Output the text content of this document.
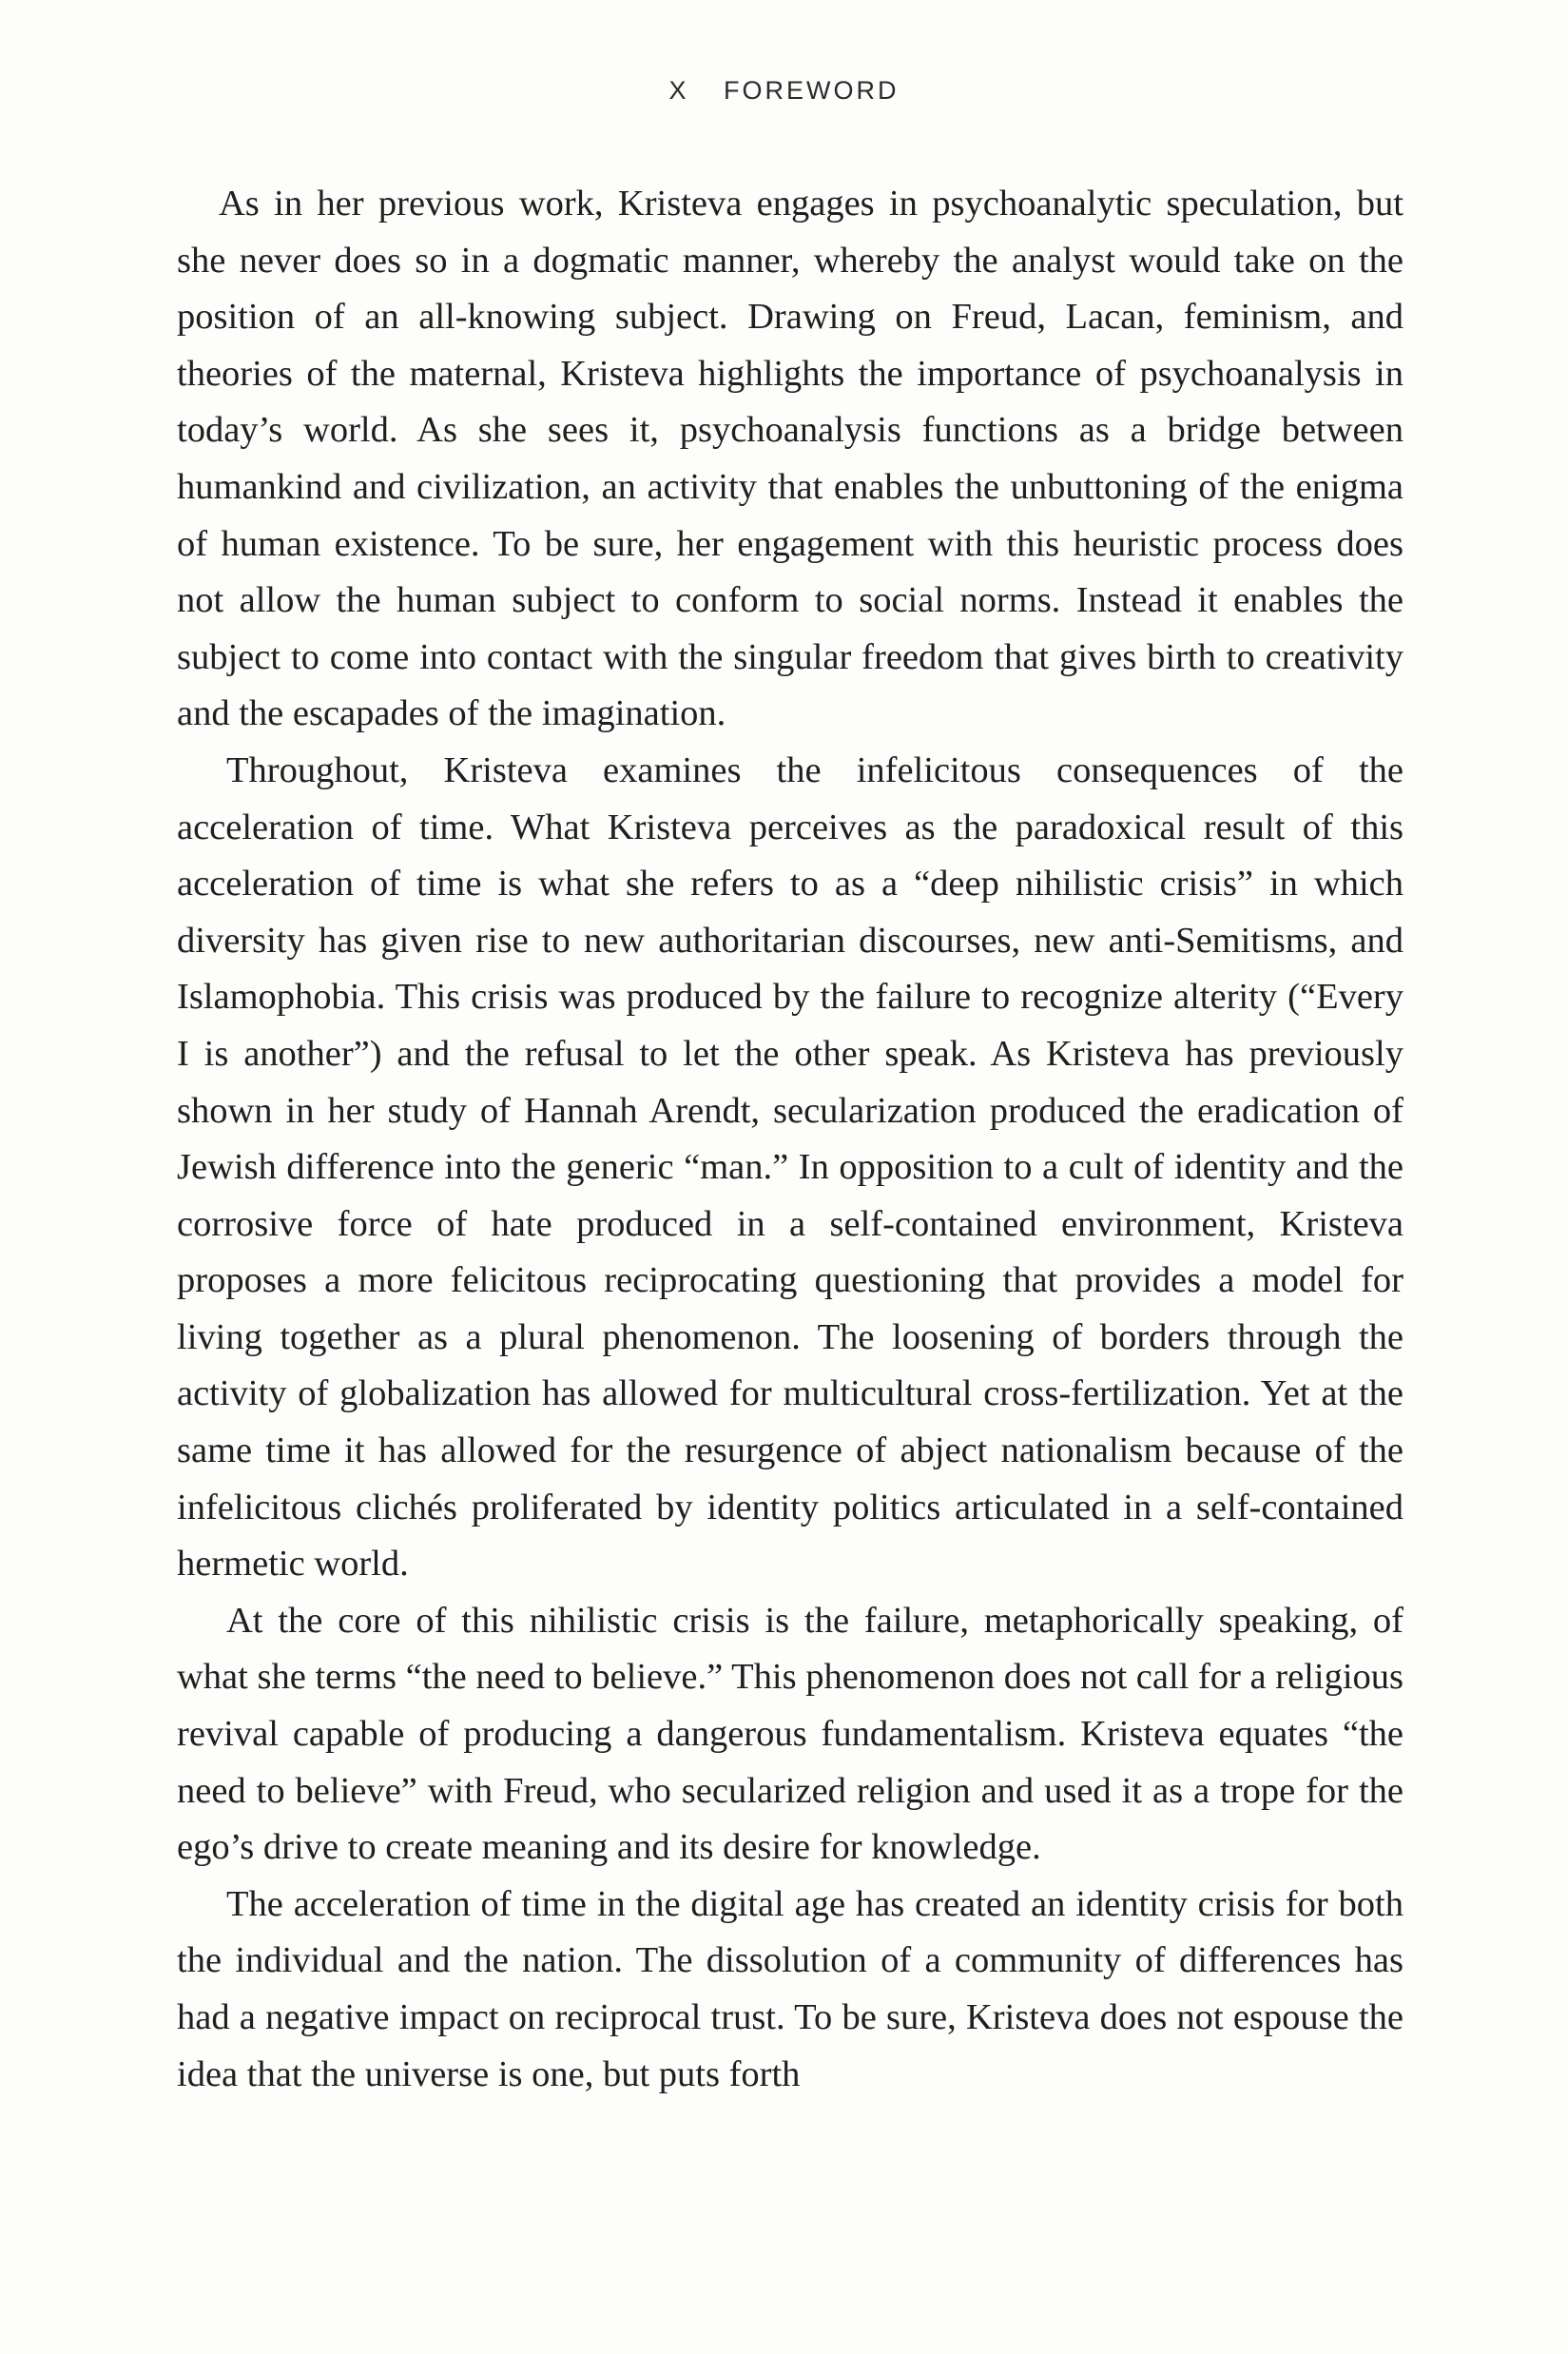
X FOREWORD

As in her previous work, Kristeva engages in psychoanalytic speculation, but she never does so in a dogmatic manner, whereby the analyst would take on the position of an all-knowing subject. Drawing on Freud, Lacan, feminism, and theories of the maternal, Kristeva highlights the importance of psychoanalysis in today’s world. As she sees it, psychoanalysis functions as a bridge between humankind and civilization, an activity that enables the unbuttoning of the enigma of human existence. To be sure, her engagement with this heuristic process does not allow the human subject to conform to social norms. Instead it enables the subject to come into contact with the singular freedom that gives birth to creativity and the escapades of the imagination.

Throughout, Kristeva examines the infelicitous consequences of the acceleration of time. What Kristeva perceives as the paradoxical result of this acceleration of time is what she refers to as a “deep nihilistic crisis” in which diversity has given rise to new authoritarian discourses, new anti-Semitisms, and Islamophobia. This crisis was produced by the failure to recognize alterity (“Every I is another”) and the refusal to let the other speak. As Kristeva has previously shown in her study of Hannah Arendt, secularization produced the eradication of Jewish difference into the generic “man.” In opposition to a cult of identity and the corrosive force of hate produced in a self-contained environment, Kristeva proposes a more felicitous reciprocating questioning that provides a model for living together as a plural phenomenon. The loosening of borders through the activity of globalization has allowed for multicultural cross-fertilization. Yet at the same time it has allowed for the resurgence of abject nationalism because of the infelicitous clichés proliferated by identity politics articulated in a self-contained hermetic world.

At the core of this nihilistic crisis is the failure, metaphorically speaking, of what she terms “the need to believe.” This phenomenon does not call for a religious revival capable of producing a dangerous fundamentalism. Kristeva equates “the need to believe” with Freud, who secularized religion and used it as a trope for the ego’s drive to create meaning and its desire for knowledge.

The acceleration of time in the digital age has created an identity crisis for both the individual and the nation. The dissolution of a community of differences has had a negative impact on reciprocal trust. To be sure, Kristeva does not espouse the idea that the universe is one, but puts forth
